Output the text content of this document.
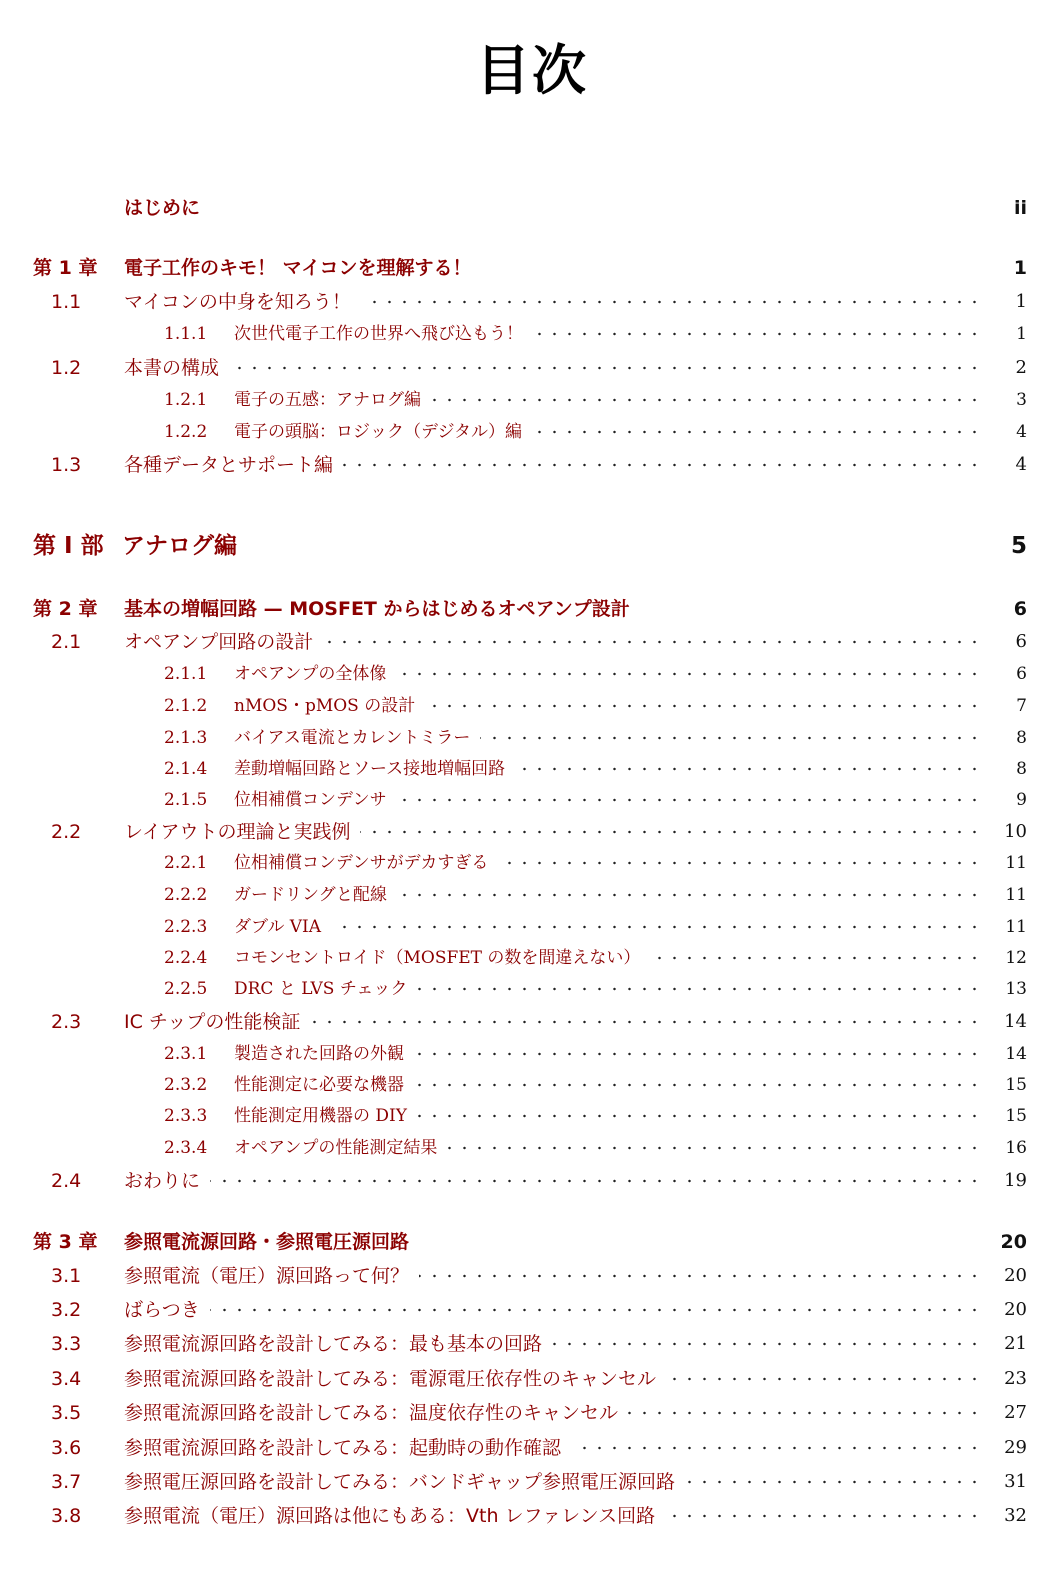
目次
はじめに	ii
第 1 章 電子工作のキモ！ マイコンを理解する！	1
1.1 マイコンの中身を知ろう！	1
1.1.1 次世代電子工作の世界へ飛び込もう！	1
1.2 本書の構成	2
1.2.1 電子の五感：アナログ編	3
1.2.2 電子の頭脳：ロジック（デジタル）編	4
1.3 各種データとサポート編	4
第 I 部 アナログ編	5
第 2 章 基本の増幅回路 — MOSFET からはじめるオペアンプ設計	6
2.1 オペアンプ回路の設計	6
2.1.1 オペアンプの全体像	6
2.1.2 nMOS・pMOS の設計	7
2.1.3 バイアス電流とカレントミラー	8
2.1.4 差動増幅回路とソース接地増幅回路	8
2.1.5 位相補償コンデンサ	9
2.2 レイアウトの理論と実践例	10
2.2.1 位相補償コンデンサがデカすぎる	11
2.2.2 ガードリングと配線	11
2.2.3 ダブル VIA	11
2.2.4 コモンセントロイド（MOSFET の数を間違えない）	12
2.2.5 DRC と LVS チェック	13
2.3 IC チップの性能検証	14
2.3.1 製造された回路の外観	14
2.3.2 性能測定に必要な機器	15
2.3.3 性能測定用機器の DIY	15
2.3.4 オペアンプの性能測定結果	16
2.4 おわりに	19
第 3 章 参照電流源回路・参照電圧源回路	20
3.1 参照電流（電圧）源回路って何？	20
3.2 ばらつき	20
3.3 参照電流源回路を設計してみる：最も基本の回路	21
3.4 参照電流源回路を設計してみる：電源電圧依存性のキャンセル	23
3.5 参照電流源回路を設計してみる：温度依存性のキャンセル	27
3.6 参照電流源回路を設計してみる：起動時の動作確認	29
3.7 参照電圧源回路を設計してみる：バンドギャップ参照電圧源回路	31
3.8 参照電流（電圧）源回路は他にもある：Vth レファレンス回路	32
